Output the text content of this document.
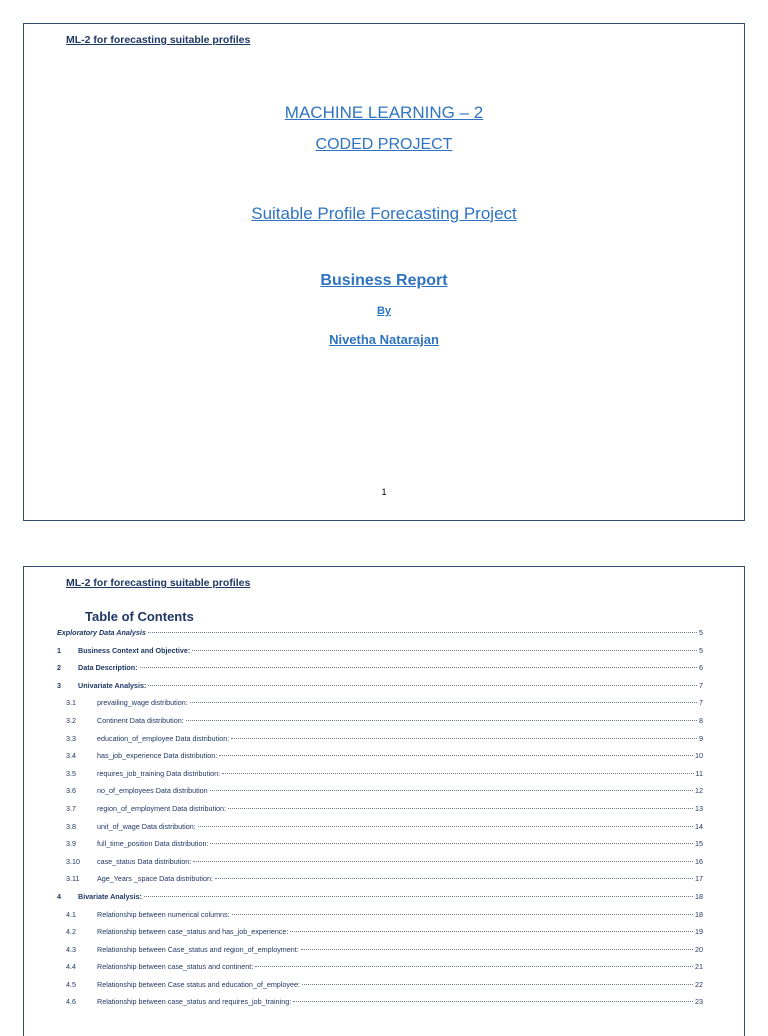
ML-2 for forecasting suitable profiles
MACHINE LEARNING – 2
CODED PROJECT
Suitable Profile Forecasting Project
Business Report
By
Nivetha Natarajan
1
ML-2 for forecasting suitable profiles
Table of Contents
Exploratory Data Analysis	5
1	Business Context and Objective:	5
2	Data Description:	6
3	Univariate Analysis:	7
3.1	prevailing_wage distribution:	7
3.2	Continent Data distribution:	8
3.3	education_of_employee Data distribution:	9
3.4	has_job_experience Data distribution:	10
3.5	requires_job_training Data distribution:	11
3.6	no_of_employees Data distribution	12
3.7	region_of_employment Data distribution:	13
3.8	unit_of_wage Data distribution:	14
3.9	full_time_position Data distribution:	15
3.10	case_status Data distribution:	16
3.11	Age_Years _space Data distribution:	17
4	Bivariate Analysis:	18
4.1	Relationship between numerical columns:	18
4.2	Relationship between case_status and has_job_experience:	19
4.3	Relationship between Case_status and region_of_employment:	20
4.4	Relationship between case_status and continent:	21
4.5	Relationship between Case status and education_of_employee:	22
4.6	Relationship between case_status and requires_job_training:	23
